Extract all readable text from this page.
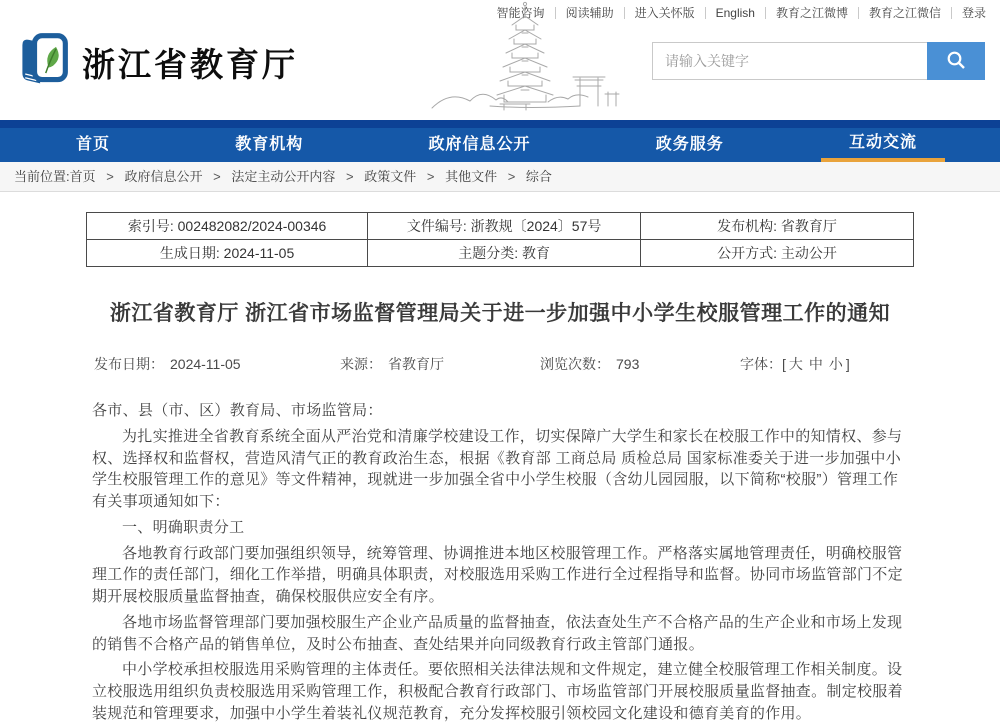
智能咨询	阅读辅助	进入关怀版	English	教育之江微博	教育之江微信	登录
浙江省教育厅
请输入关键字
首页	教育机构	政府信息公开	政务服务	互动交流
当前位置:首页 > 政府信息公开 > 法定主动公开内容 > 政策文件 > 其他文件 > 综合
索引号: 002482082/2024-00346	文件编号: 浙教规〔2024〕57号	发布机构: 省教育厅
生成日期: 2024-11-05	主题分类: 教育	公开方式: 主动公开
浙江省教育厅 浙江省市场监督管理局关于进一步加强中小学生校服管理工作的通知
发布日期： 2024-11-05	来源： 省教育厅	浏览次数： 793	字体：[ 大 中 小 ]

各市、县（市、区）教育局、市场监管局：

为扎实推进全省教育系统全面从严治党和清廉学校建设工作，切实保障广大学生和家长在校服工作中的知情权、参与权、选择权和监督权，营造风清气正的教育政治生态，根据《教育部 工商总局 质检总局 国家标准委关于进一步加强中小学生校服管理工作的意见》等文件精神，现就进一步加强全省中小学生校服（含幼儿园园服，以下简称“校服”）管理工作有关事项通知如下：

一、明确职责分工

各地教育行政部门要加强组织领导，统筹管理、协调推进本地区校服管理工作。严格落实属地管理责任，明确校服管理工作的责任部门，细化工作举措，明确具体职责，对校服选用采购工作进行全过程指导和监督。协同市场监管部门不定期开展校服质量监督抽查，确保校服供应安全有序。

各地市场监督管理部门要加强校服生产企业产品质量的监督抽查，依法查处生产不合格产品的生产企业和市场上发现的销售不合格产品的销售单位，及时公布抽查、查处结果并向同级教育行政主管部门通报。

中小学校承担校服选用采购管理的主体责任。要依照相关法律法规和文件规定，建立健全校服管理工作相关制度。设立校服选用组织负责校服选用采购管理工作，积极配合教育行政部门、市场监管部门开展校服质量监督抽查。制定校服着装规范和管理要求，加强中小学生着装礼仪规范教育，充分发挥校服引领校园文化建设和德育美育的作用。
